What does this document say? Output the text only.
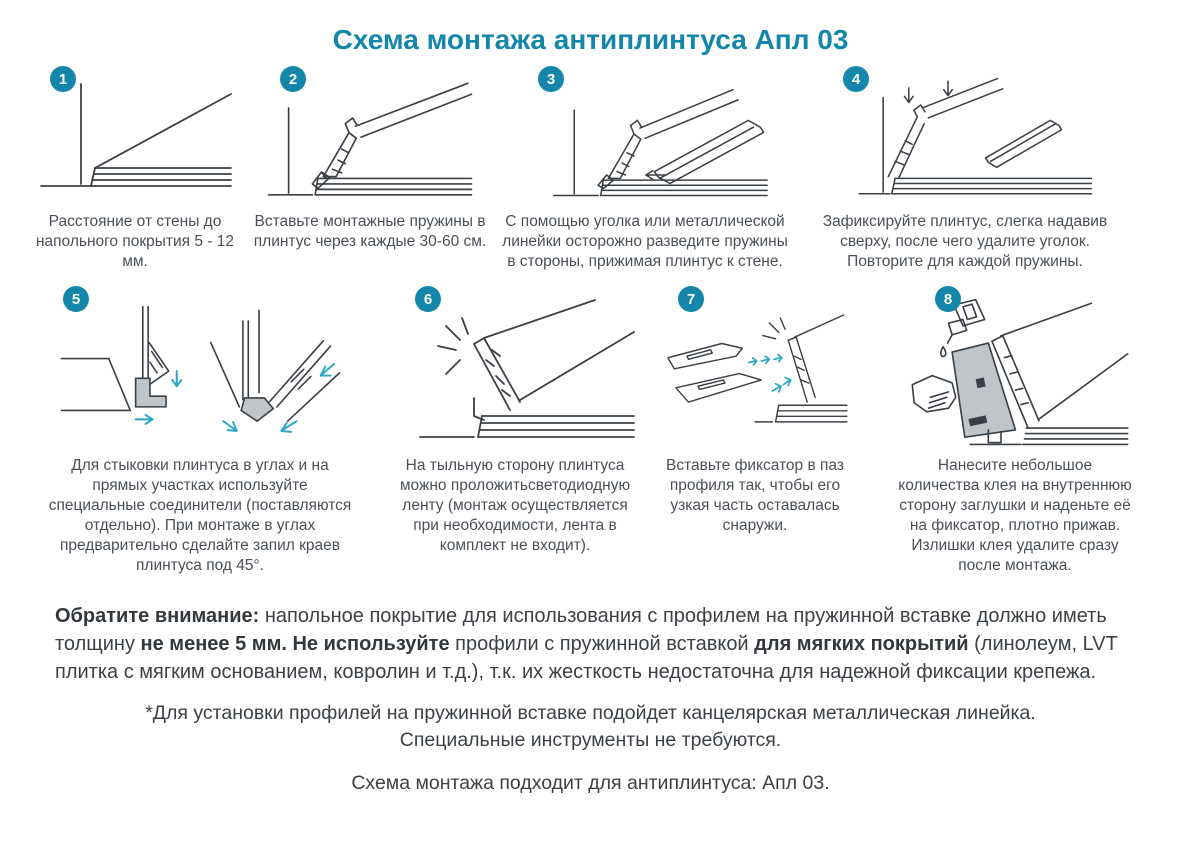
Схема монтажа антиплинтуса Апл 03
1

Расстояние от стены до напольного покрытия 5 - 12 мм.

2

Вставьте монтажные пружины в плинтус через каждые 30-60 см.

3

С помощью уголка или металлической линейки осторожно разведите пружины в стороны, прижимая плинтус к стене.

4

Зафиксируйте плинтус, слегка надавив сверху, после чего удалите уголок. Повторите для каждой пружины.

5

Для стыковки плинтуса в углах и на прямых участках используйте специальные соединители (поставляются отдельно). При монтаже в углах предварительно сделайте запил краев плинтуса под 45°.

6

На тыльную сторону плинтуса можно проложитьсветодиодную ленту (монтаж осуществляется при необходимости, лента в комплект не входит).

7

Вставьте фиксатор в паз профиля так, чтобы его узкая часть оставалась снаружи.

8

Нанесите небольшое количества клея на внутреннюю сторону заглушки и наденьте её на фиксатор, плотно прижав. Излишки клея удалите сразу после монтажа.

Обратите внимание: напольное покрытие для использования с профилем на пружинной вставке должно иметь толщину не менее 5 мм. Не используйте профили с пружинной вставкой для мягких покрытий (линолеум, LVT плитка с мягким основанием, ковролин и т.д.), т.к. их жесткость недостаточна для надежной фиксации крепежа.

*Для установки профилей на пружинной вставке подойдет канцелярская металлическая линейка.
Специальные инструменты не требуются.

Схема монтажа подходит для антиплинтуса: Апл 03.
